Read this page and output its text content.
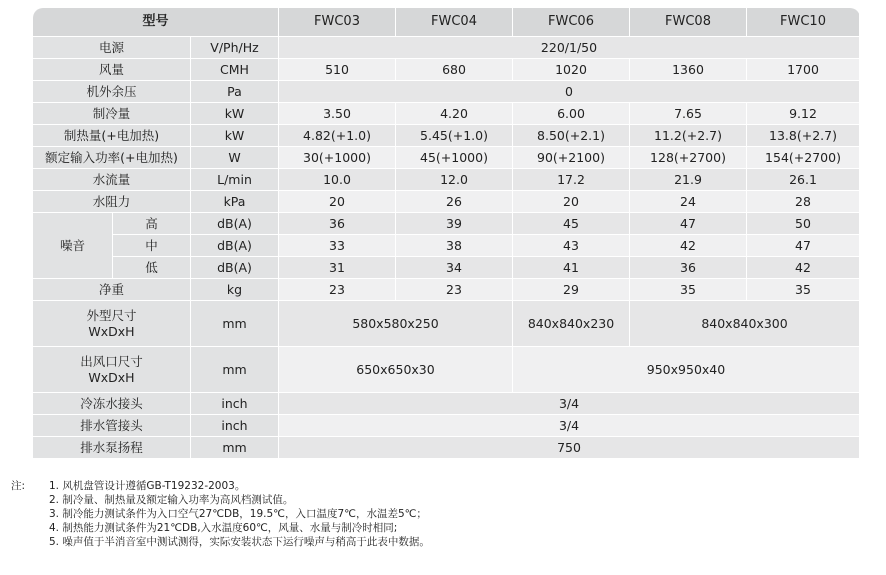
型号			FWC03	FWC04	FWC06	FWC08	FWC10
电源		V/Ph/Hz	220/1/50				
风量		CMH	510	680	1020	1360	1700
机外余压		Pa	0				
制冷量		kW	3.50	4.20	6.00	7.65	9.12
制热量(+电加热)		kW	4.82(+1.0)	5.45(+1.0)	8.50(+2.1)	11.2(+2.7)	13.8(+2.7)
额定输入功率(+电加热)		W	30(+1000)	45(+1000)	90(+2100)	128(+2700)	154(+2700)
水流量		L/min	10.0	12.0	17.2	21.9	26.1
水阻力		kPa	20	26	20	24	28
噪音	高	dB(A)	36	39	45	47	50
	中	dB(A)	33	38	43	42	47
	低	dB(A)	31	34	41	36	42
净重		kg	23	23	29	35	35

外型尺寸
WxDxH		mm	580x580x250		840x840x230	840x840x300	

出风口尺寸
WxDxH		mm	650x650x30		950x950x40		
冷冻水接头		inch	3/4				
排水管接头		inch	3/4				
排水泵扬程		mm	750				
注: 1. 风机盘管设计遵循GB-T19232-2003。
2. 制冷量、制热量及额定输入功率为高风档测试值。
3. 制冷能力测试条件为入口空气27℃DB，19.5℃，入口温度7℃，水温差5℃；
4. 制热能力测试条件为21℃DB,入水温度60℃，风量、水量与制冷时相同;
5. 噪声值于半消音室中测试测得，实际安装状态下运行噪声与稍高于此表中数据。
